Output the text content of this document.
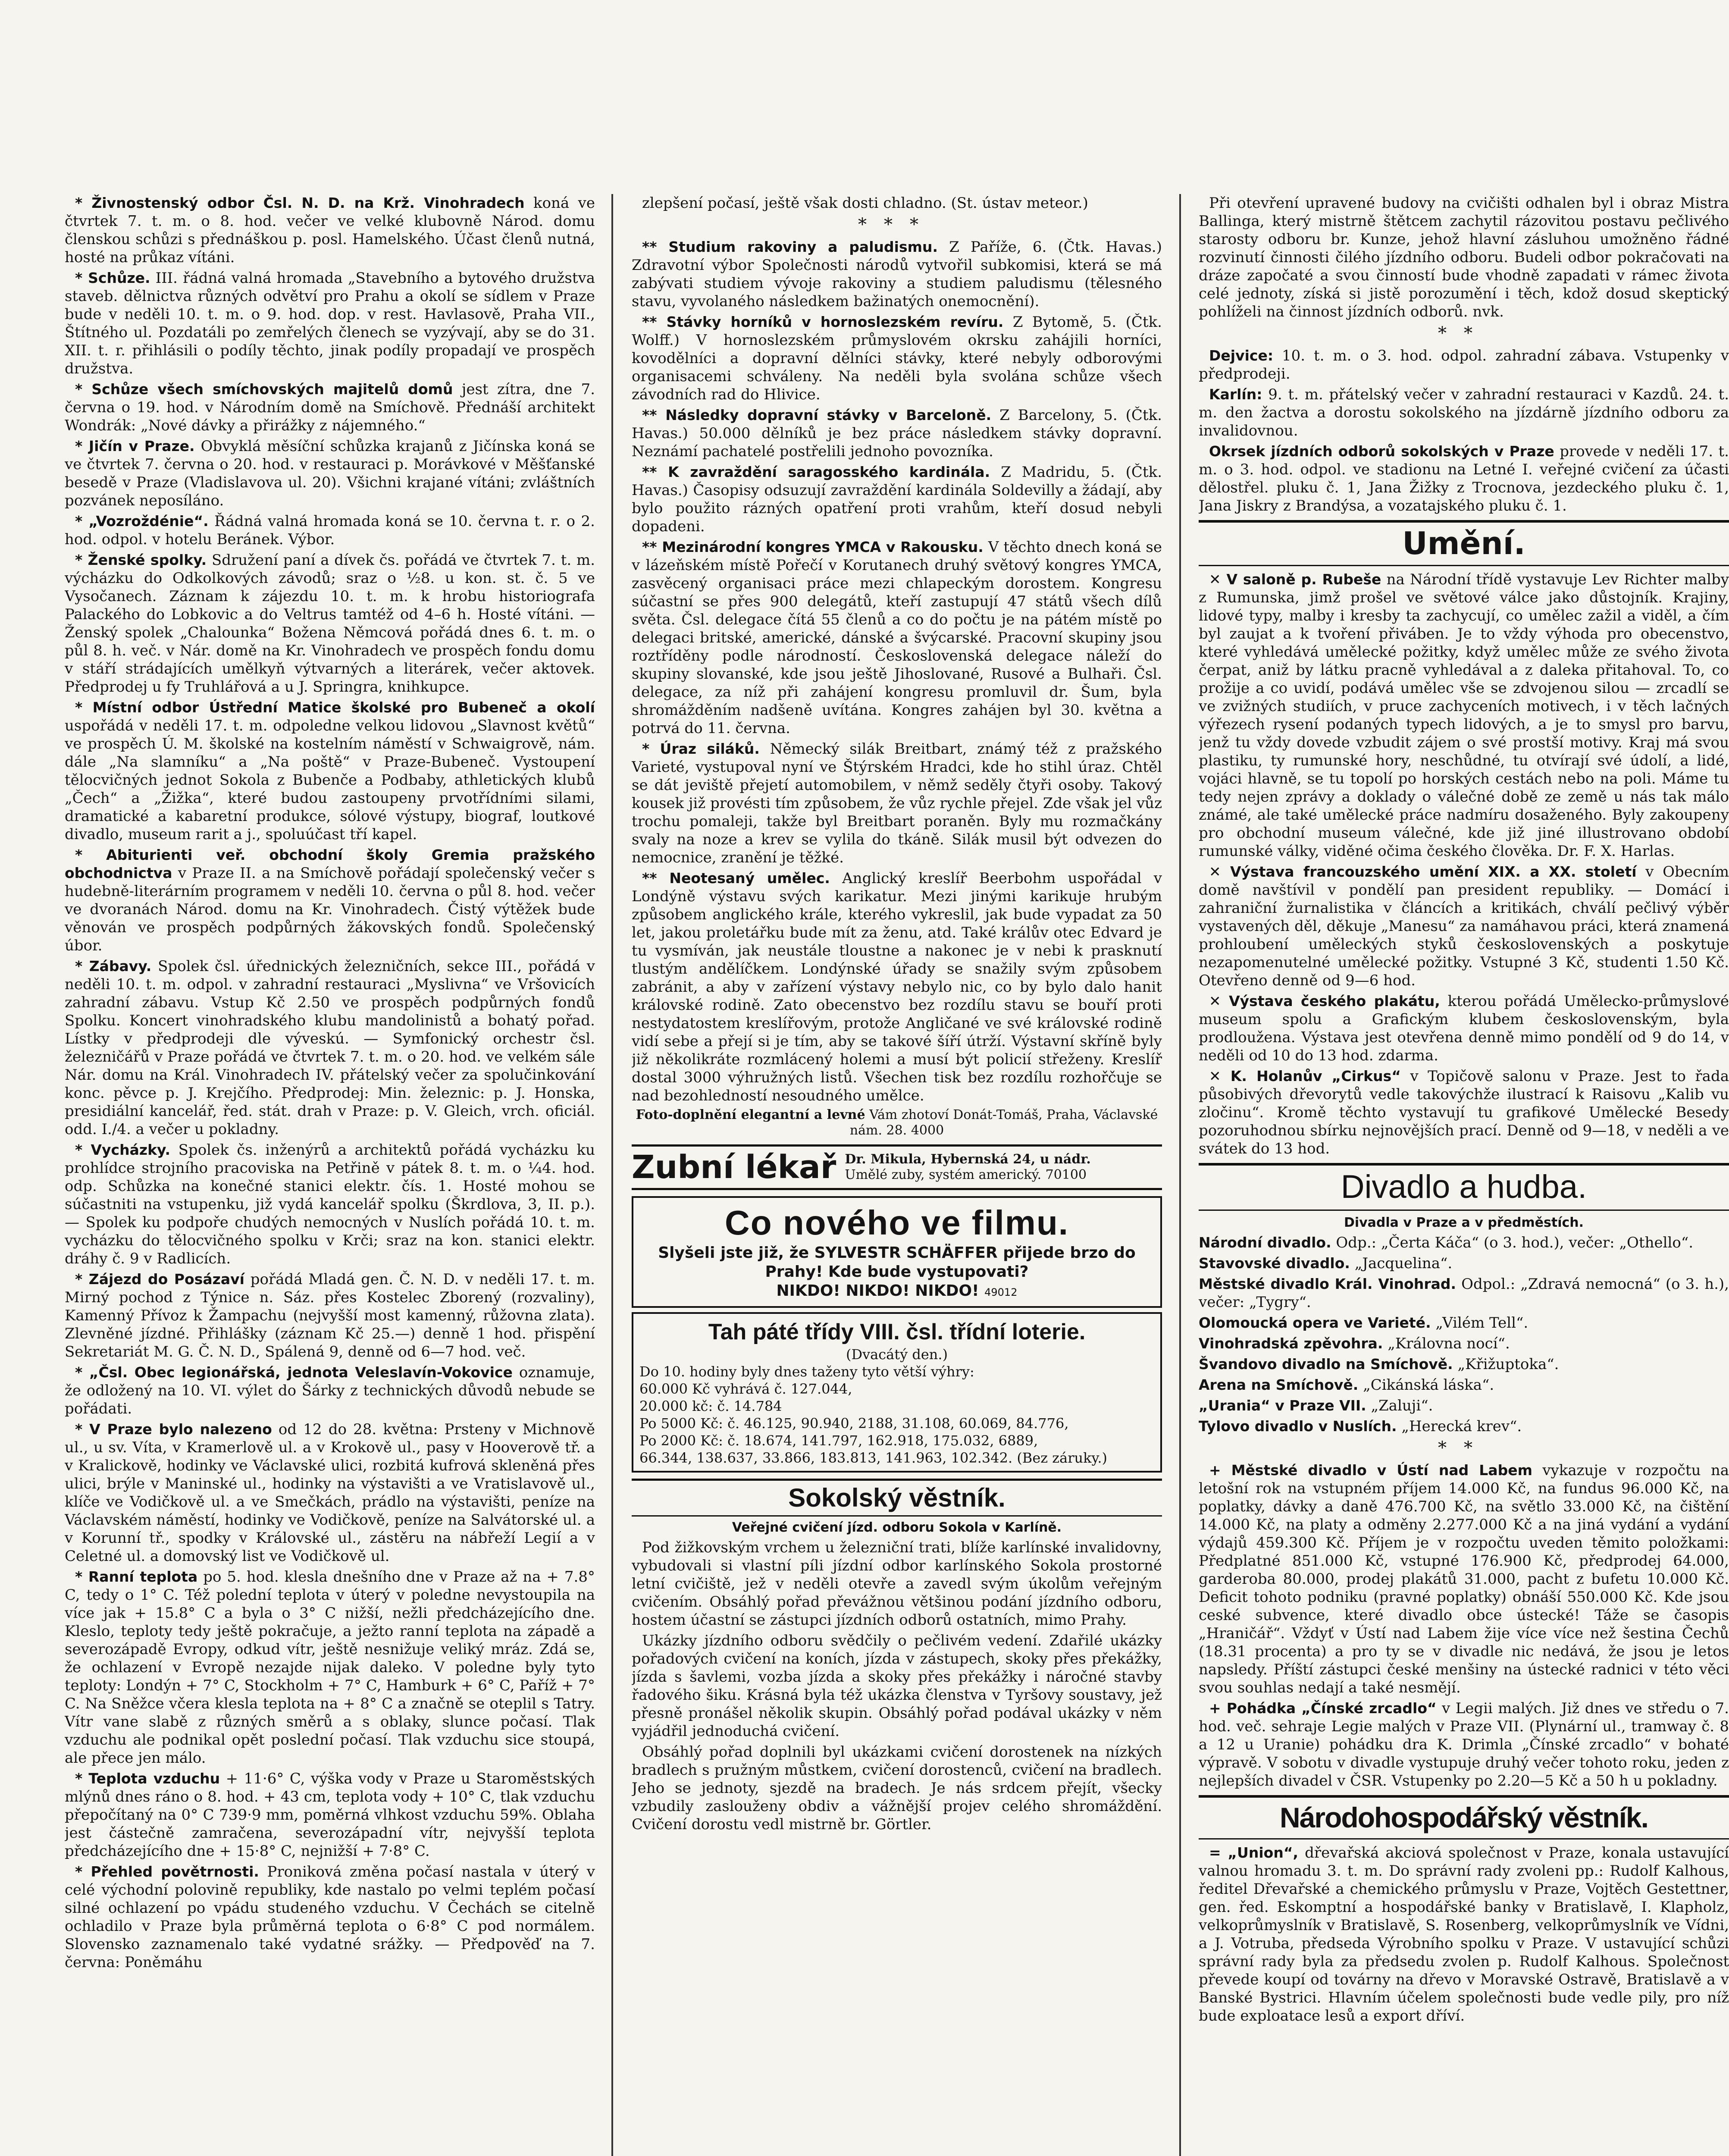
* Živnostenský odbor Čsl. N. D. na Krž. Vinohradech koná ve čtvrtek 7. t. m. o 8. hod. večer ve velké klubovně Národ. domu členskou schůzi s přednáškou p. posl. Hamelského. Účast členů nutná, hosté na průkaz vítáni.

* Schůze. III. řádná valná hromada „Stavebního a bytového družstva staveb. dělnictva různých odvětví pro Prahu a okolí se sídlem v Praze bude v neděli 10. t. m. o 9. hod. dop. v rest. Havlasově, Praha VII., Štítného ul. Pozdatáli po zemřelých členech se vyzývají, aby se do 31. XII. t. r. přihlásili o podíly těchto, jinak podíly propadají ve prospěch družstva.

* Schůze všech smíchovských majitelů domů jest zítra, dne 7. června o 19. hod. v Národním domě na Smíchově. Přednáší architekt Wondrák: „Nové dávky a přirážky z nájemného.“

* Jičín v Praze. Obvyklá měsíční schůzka krajanů z Jičínska koná se ve čtvrtek 7. června o 20. hod. v restauraci p. Morávkové v Měšťanské besedě v Praze (Vladislavova ul. 20). Všichni krajané vítáni; zvláštních pozvánek neposíláno.

* „Vozroždénie“. Řádná valná hromada koná se 10. června t. r. o 2. hod. odpol. v hotelu Beránek. Výbor.

* Ženské spolky. Sdružení paní a dívek čs. pořádá ve čtvrtek 7. t. m. výcházku do Odkolkových závodů; sraz o ½8. u kon. st. č. 5 ve Vysočanech. Záznam k zájezdu 10. t. m. k hrobu historiografa Palackého do Lobkovic a do Veltrus tamtéž od 4–6 h. Hosté vítáni. — Ženský spolek „Chalounka“ Božena Němcová pořádá dnes 6. t. m. o půl 8. h. več. v Nár. domě na Kr. Vinohradech ve prospěch fondu domu v stáří strádajících umělkyň výtvarných a literárek, večer aktovek. Předprodej u fy Truhlářová a u J. Springra, knihkupce.

* Místní odbor Ústřední Matice školské pro Bubeneč a okolí uspořádá v neděli 17. t. m. odpoledne velkou lidovou „Slavnost květů“ ve prospěch Ú. M. školské na kostelním náměstí v Schwaigrově, nám. dále „Na slamníku“ a „Na poště“ v Praze-Bubeneč. Vystoupení tělocvičných jednot Sokola z Bubenče a Podbaby, athletických klubů „Čech“ a „Žižka“, které budou zastoupeny prvotřídními silami, dramatické a kabaretní produkce, sólové výstupy, biograf, loutkové divadlo, museum rarit a j., spoluúčast tří kapel.

* Abiturienti veř. obchodní školy Gremia pražského obchodnictva v Praze II. a na Smíchově pořádají společenský večer s hudebně-literárním programem v neděli 10. června o půl 8. hod. večer ve dvoranách Národ. domu na Kr. Vinohradech. Čistý výtěžek bude věnován ve prospěch podpůrných žákovských fondů. Společenský úbor.

* Zábavy. Spolek čsl. úřednických železničních, sekce III., pořádá v neděli 10. t. m. odpol. v zahradní restauraci „Myslivna“ ve Vršovicích zahradní zábavu. Vstup Kč 2.50 ve prospěch podpůrných fondů Spolku. Koncert vinohradského klubu mandolinistů a bohatý pořad. Lístky v předprodeji dle výveskú. — Symfonický orchestr čsl. železničářů v Praze pořádá ve čtvrtek 7. t. m. o 20. hod. ve velkém sále Nár. domu na Král. Vinohradech IV. přátelský večer za spolučinkování konc. pěvce p. J. Krejčího. Předprodej: Min. železnic: p. J. Honska, presidiální kancelář, řed. stát. drah v Praze: p. V. Gleich, vrch. oficiál. odd. I./4. a večer u pokladny.

* Vycházky. Spolek čs. inženýrů a architektů pořádá vycházku ku prohlídce strojního pracoviska na Petřině v pátek 8. t. m. o ¼4. hod. odp. Schůzka na konečné stanici elektr. čís. 1. Hosté mohou se súčastniti na vstupenku, již vydá kancelář spolku (Škrdlova, 3, II. p.). — Spolek ku podpoře chudých nemocných v Nuslích pořádá 10. t. m. vycházku do tělocvičného spolku v Krči; sraz na kon. stanici elektr. dráhy č. 9 v Radlicích.

* Zájezd do Posázaví pořádá Mladá gen. Č. N. D. v neděli 17. t. m. Mirný pochod z Týnice n. Sáz. přes Kostelec Zborený (rozvaliny), Kamenný Přívoz k Žampachu (nejvyšší most kamenný, růžovna zlata). Zlevněné jízdné. Přihlášky (záznam Kč 25.—) denně 1 hod. přispění Sekretariát M. G. Č. N. D., Spálená 9, denně od 6—7 hod. več.

* „Čsl. Obec legionářská, jednota Veleslavín-Vokovice oznamuje, že odložený na 10. VI. výlet do Šárky z technických důvodů nebude se pořádati.

* V Praze bylo nalezeno od 12 do 28. května: Prsteny v Michnově ul., u sv. Víta, v Kramerlově ul. a v Krokově ul., pasy v Hooverově tř. a v Kralickově, hodinky ve Václavské ulici, rozbitá kufrová skleněná přes ulici, brýle v Maninské ul., hodinky na výstavišti a ve Vratislavově ul., klíče ve Vodičkově ul. a ve Smečkách, prádlo na výstavišti, peníze na Václavském náměstí, hodinky ve Vodičkově, peníze na Salvátorské ul. a v Korunní tř., spodky v Královské ul., zástěru na nábřeží Legií a v Celetné ul. a domovský list ve Vodičkově ul.

* Ranní teplota po 5. hod. klesla dnešního dne v Praze až na + 7.8° C, tedy o 1° C. Též polední teplota v úterý v poledne nevystoupila na více jak + 15.8° C a byla o 3° C nižší, nežli předcházejícího dne. Kleslo, teploty tedy ještě pokračuje, a ježto ranní teplota na západě a severozápadě Evropy, odkud vítr, ještě nesnižuje veliký mráz. Zdá se, že ochlazení v Evropě nezajde nijak daleko. V poledne byly tyto teploty: Londýn + 7° C, Stockholm + 7° C, Hamburk + 6° C, Paříž + 7° C. Na Sněžce včera klesla teplota na + 8° C a značně se oteplil s Tatry. Vítr vane slabě z různých směrů a s oblaky, slunce počasí. Tlak vzduchu ale podnikal opět poslední počasí. Tlak vzduchu sice stoupá, ale přece jen málo.

* Teplota vzduchu + 11·6° C, výška vody v Praze u Staroměstských mlýnů dnes ráno o 8. hod. + 43 cm, teplota vody + 10° C, tlak vzduchu přepočítaný na 0° C 739·9 mm, poměrná vlhkost vzduchu 59%. Oblaha jest částečně zamračena, severozápadní vítr, nejvyšší teplota předcházejícího dne + 15·8° C, nejnižší + 7·8° C.

* Přehled povětrnosti. Proniková změna počasí nastala v úterý v celé východní polovině republiky, kde nastalo po velmi teplém počasí silné ochlazení po vpádu studeného vzduchu. V Čechách se citelně ochladilo v Praze byla průměrná teplota o 6·8° C pod normálem. Slovensko zaznamenalo také vydatné srážky. — Předpověď na 7. června: Poněmáhu

zlepšení počasí, ještě však dosti chladno. (St. ústav meteor.)

***

** Studium rakoviny a paludismu. Z Paříže, 6. (Čtk. Havas.) Zdravotní výbor Společnosti národů vytvořil subkomisi, která se má zabývati studiem vývoje rakoviny a studiem paludismu (tělesného stavu, vyvolaného následkem bažinatých onemocnění).

** Stávky horníků v hornoslezském revíru. Z Bytomě, 5. (Čtk. Wolff.) V hornoslezském průmyslovém okrsku zahájili horníci, kovodělníci a dopravní dělníci stávky, které nebyly odborovými organisacemi schváleny. Na neděli byla svolána schůze všech závodních rad do Hlivice.

** Následky dopravní stávky v Barceloně. Z Barcelony, 5. (Čtk. Havas.) 50.000 dělníků je bez práce následkem stávky dopravní. Neznámí pachatelé postřelili jednoho povozníka.

** K zavraždění saragosského kardinála. Z Madridu, 5. (Čtk. Havas.) Časopisy odsuzují zavraždění kardinála Soldevilly a žádají, aby bylo použito rázných opatření proti vrahům, kteří dosud nebyli dopadeni.

** Mezinárodní kongres YMCA v Rakousku. V těchto dnech koná se v lázeňském místě Pořečí v Korutanech druhý světový kongres YMCA, zasvěcený organisaci práce mezi chlapeckým dorostem. Kongresu súčastní se přes 900 delegátů, kteří zastupují 47 států všech dílů světa. Čsl. delegace čítá 55 členů a co do počtu je na pátém místě po delegaci britské, americké, dánské a švýcarské. Pracovní skupiny jsou roztříděny podle národností. Československá delegace náleží do skupiny slovanské, kde jsou ještě Jihoslované, Rusové a Bulhaři. Čsl. delegace, za níž při zahájení kongresu promluvil dr. Šum, byla shromážděním nadšeně uvítána. Kongres zahájen byl 30. května a potrvá do 11. června.

* Úraz siláků. Německý silák Breitbart, známý též z pražského Varieté, vystupoval nyní ve Štýrském Hradci, kde ho stihl úraz. Chtěl se dát jeviště přejetí automobilem, v němž seděly čtyři osoby. Takový kousek již provésti tím způsobem, že vůz rychle přejel. Zde však jel vůz trochu pomaleji, takže byl Breitbart poraněn. Byly mu rozmačkány svaly na noze a krev se vylila do tkáně. Silák musil být odvezen do nemocnice, zranění je těžké.

** Neotesaný umělec. Anglický kreslíř Beerbohm uspořádal v Londýně výstavu svých karikatur. Mezi jinými karikuje hrubým způsobem anglického krále, kterého vykreslil, jak bude vypadat za 50 let, jakou proletářku bude mít za ženu, atd. Také králův otec Edvard je tu vysmíván, jak neustále tloustne a nakonec je v nebi k prasknutí tlustým andělíčkem. Londýnské úřady se snažily svým způsobem zabránit, a aby v zařízení výstavy nebylo nic, co by bylo dalo hanit královské rodině. Zato obecenstvo bez rozdílu stavu se bouří proti nestydatostem kreslířovým, protože Angličané ve své královské rodině vidí sebe a přejí si je tím, aby se takové šíří útrží. Výstavní skříně byly již několikráte rozmlácený holemi a musí být policií střeženy. Kreslíř dostal 3000 výhružných listů. Všechen tisk bez rozdílu rozhořčuje se nad bezohledností nesoudného umělce.

Foto-doplnění elegantní a levné Vám zhotoví Donát-Tomáš, Praha, Václavské nám. 28. 4000
Zubní lékař Dr. Mikula, Hybernská 24, u nádr.
Umělé zuby, systém americký. 70100
Co nového ve filmu.
Slyšeli jste již, že SYLVESTR SCHÄFFER přijede brzo do Prahy! Kde bude vystupovati?
NIKDO! NIKDO! NIKDO! 49012
Tah páté třídy VIII. čsl. třídní loterie.
(Dvacátý den.)
Do 10. hodiny byly dnes taženy tyto větší výhry:
60.000 Kč vyhrává č. 127.044,
20.000 kč: č. 14.784
Po 5000 Kč: č. 46.125, 90.940, 2188, 31.108, 60.069, 84.776,
Po 2000 Kč: č. 18.674, 141.797, 162.918, 175.032, 6889,
66.344, 138.637, 33.866, 183.813, 141.963, 102.342. (Bez záruky.)
Sokolský věstník.
Veřejné cvičení jízd. odboru Sokola v Karlíně.

Pod žižkovským vrchem u železniční trati, blíže karlínské invalidovny, vybudovali si vlastní píli jízdní odbor karlínského Sokola prostorné letní cvičiště, jež v neděli otevře a zavedl svým úkolům veřejným cvičením. Obsáhlý pořad převážnou většinou podání jízdního odboru, hostem účastní se zástupci jízdních odborů ostatních, mimo Prahy.

Ukázky jízdního odboru svědčily o pečlivém vedení. Zdařilé ukázky pořadových cvičení na koních, jízda v zástupech, skoky přes překážky, jízda s šavlemi, vozba jízda a skoky přes překážky i náročné stavby řadového šiku. Krásná byla též ukázka členstva v Tyršovy soustavy, jež přesně pronášel několik skupin. Obsáhlý pořad podával ukázky v něm vyjádřil jednoduchá cvičení.

Obsáhlý pořad doplnili byl ukázkami cvičení dorostenek na nízkých bradlech s pružným můstkem, cvičení dorostenců, cvičení na bradlech. Jeho se jednoty, sjezdě na bradech. Je nás srdcem přejít, všecky vzbudily zaslouženy obdiv a vážnější projev celého shromáždění. Cvičení dorostu vedl mistrně br. Görtler.

Při otevření upravené budovy na cvičišti odhalen byl i obraz Mistra Ballinga, který mistrně štětcem zachytil rázovitou postavu pečlivého starosty odboru br. Kunze, jehož hlavní zásluhou umožněno řádné rozvinutí činnosti čilého jízdního odboru. Budeli odbor pokračovati na dráze započaté a svou činností bude vhodně zapadati v rámec života celé jednoty, získá si jistě porozumění i těch, kdož dosud skeptický pohlíželi na činnost jízdních odborů. nvk.

**

Dejvice: 10. t. m. o 3. hod. odpol. zahradní zábava. Vstupenky v předprodeji.

Karlín: 9. t. m. přátelský večer v zahradní restauraci v Kazdů. 24. t. m. den žactva a dorostu sokolského na jízdárně jízdního odboru za invalidovnou.

Okrsek jízdních odborů sokolských v Praze provede v neděli 17. t. m. o 3. hod. odpol. ve stadionu na Letné I. veřejné cvičení za účasti dělostřel. pluku č. 1, Jana Žižky z Trocnova, jezdeckého pluku č. 1, Jana Jiskry z Brandýsa, a vozatajského pluku č. 1.

Umění.

✕ V saloně p. Rubeše na Národní třídě vystavuje Lev Richter malby z Rumunska, jimž prošel ve světové válce jako důstojník. Krajiny, lidové typy, malby i kresby ta zachycují, co umělec zažil a viděl, a čím byl zaujat a k tvoření přiváben. Je to vždy výhoda pro obecenstvo, které vyhledává umělecké požitky, když umělec může ze svého života čerpat, aniž by látku pracně vyhledával a z daleka přitahoval. To, co prožije a co uvidí, podává umělec vše se zdvojenou silou — zrcadlí se ve zvižných studiích, v pruce zachyceních motivech, i v těch lačných výřezech rysení podaných typech lidových, a je to smysl pro barvu, jenž tu vždy dovede vzbudit zájem o své prostší motivy. Kraj má svou plastiku, ty rumunské hory, neschůdné, tu otvírají své údolí, a lidé, vojáci hlavně, se tu topolí po horských cestách nebo na poli. Máme tu tedy nejen zprávy a doklady o válečné době ze země u nás tak málo známé, ale také umělecké práce nadmíru dosaženého. Byly zakoupeny pro obchodní museum válečné, kde již jiné illustrovano období rumunské války, viděné očima českého člověka. Dr. F. X. Harlas.

✕ Výstava francouzského umění XIX. a XX. století v Obecním domě navštívil v pondělí pan president republiky. — Domácí i zahraniční žurnalistika v článcích a kritikách, chválí pečlivý výběr vystavených děl, děkuje „Manesu“ za namáhavou práci, která znamená prohloubení uměleckých styků československých a poskytuje nezapomenutelné umělecké požitky. Vstupné 3 Kč, studenti 1.50 Kč. Otevřeno denně od 9—6 hod.

✕ Výstava českého plakátu, kterou pořádá Umělecko-průmyslové museum spolu a Grafickým klubem československým, byla prodloužena. Výstava jest otevřena denně mimo pondělí od 9 do 14, v neděli od 10 do 13 hod. zdarma.

✕ K. Holanův „Cirkus“ v Topičově salonu v Praze. Jest to řada působivých dřevorytů vedle takovýchže ilustrací k Raisovu „Kalib vu zločinu“. Kromě těchto vystavují tu grafikové Umělecké Besedy pozoruhodnou sbírku nejnovějších prací. Denně od 9—18, v neděli a ve svátek do 13 hod.

Divadlo a hudba.
Divadla v Praze a v předměstích.

Národní divadlo. Odp.: „Čerta Káča“ (o 3. hod.), večer: „Othello“.

Stavovské divadlo. „Jacquelina“.

Městské divadlo Král. Vinohrad. Odpol.: „Zdravá nemocná“ (o 3. h.), večer: „Tygry“.

Olomoucká opera ve Varieté. „Vilém Tell“.

Vinohradská zpěvohra. „Královna nocí“.

Švandovo divadlo na Smíchově. „Křižuptoka“.

Arena na Smíchově. „Cikánská láska“.

„Urania“ v Praze VII. „Zaluji“.

Tylovo divadlo v Nuslích. „Herecká krev“.

**

+ Městské divadlo v Ústí nad Labem vykazuje v rozpočtu na letošní rok na vstupném příjem 14.000 Kč, na fundus 96.000 Kč, na poplatky, dávky a daně 476.700 Kč, na světlo 33.000 Kč, na čištění 14.000 Kč, na platy a odměny 2.277.000 Kč a na jiná vydání a vydání výdajů 459.300 Kč. Příjem je v rozpočtu uveden těmito položkami: Předplatné 851.000 Kč, vstupné 176.900 Kč, předprodej 64.000, garderoba 80.000, prodej plakátů 31.000, pacht z bufetu 10.000 Kč. Deficit tohoto podniku (pravné poplatky) obnáší 550.000 Kč. Kde jsou ceské subvence, které divadlo obce ústecké! Táže se časopis „Hraničář“. Vždyť v Ústí nad Labem žije více více než šestina Čechů (18.31 procenta) a pro ty se v divadle nic nedává, že jsou je letos napsledy. Příští zástupci české menšiny na ústecké radnici v této věci svou souhlas nedají a také nesmějí.

+ Pohádka „Čínské zrcadlo“ v Legii malých. Již dnes ve středu o 7. hod. več. sehraje Legie malých v Praze VII. (Plynární ul., tramway č. 8 a 12 u Uranie) pohádku dra K. Drimla „Čínské zrcadlo“ v bohaté výpravě. V sobotu v divadle vystupuje druhý večer tohoto roku, jeden z nejlepších divadel v ČSR. Vstupenky po 2.20—5 Kč a 50 h u pokladny.

Národohospodářský věstník.

= „Union“, dřevařská akciová společnost v Praze, konala ustavující valnou hromadu 3. t. m. Do správní rady zvoleni pp.: Rudolf Kalhous, ředitel Dřevařské a chemického průmyslu v Praze, Vojtěch Gestettner, gen. řed. Eskomptní a hospodářské banky v Bratislavě, I. Klapholz, velkoprůmyslník v Bratislavě, S. Rosenberg, velkoprůmyslník ve Vídni, a J. Votruba, předseda Výrobního spolku v Praze. V ustavující schůzi správní rady byla za předsedu zvolen p. Rudolf Kalhous. Společnost převede koupí od továrny na dřevo v Moravské Ostravě, Bratislavě a v Banské Bystrici. Hlavním účelem společnosti bude vedle pily, pro níž bude exploatace lesů a export dříví.
